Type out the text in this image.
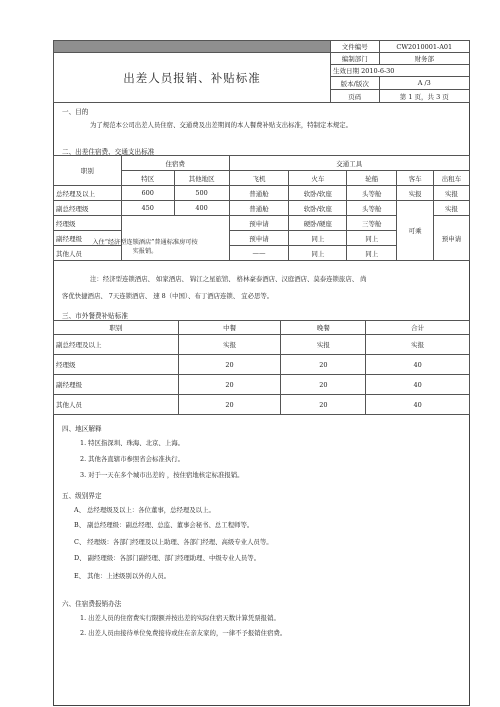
	文件编号	CW2010001-A01
出差人员报销、补贴标准	编制部门	财务部
	生效日期 2010-6-30	
	版本/版次	A /3
	页码	第 1 页，共 3 页
一、目的
为了规范本公司出差人员住宿、交通费及出差期间的本人餐费补贴支出标准，特制定本规定。
二、出差住宿费、交通支出标准
职别	住宿费		交通工具				
	特区	其他地区	飞机	火车	轮船	客车	出租车
总经理及以上	600	500	普通舱	软卧/软座	头等舱	实报	实报
副总经理级	450	400	普通舱	软卧/软座	头等舱	可乘	实报
经理级			预申请	硬卧/硬座	三等舱		预申请
副经理级			预申请	同上	同上		
其他人员			——	同上	同上		
入住“经济型连锁酒店”普通标准房可按实报销。
注：经济型连锁酒店、 如家酒店、 锦江之星旅馆、 格林豪泰酒店、汉庭酒店、莫泰连锁旅店、 尚
客优快捷酒店、 7天连锁酒店、 速 8（中国）、布丁酒店连锁、 宜必思等。
三、市外餐费补贴标准
职别	中餐	晚餐	合计
副总经理及以上	实报	实报	实报
经理级	20	20	40
副经理级	20	20	40
其他人员	20	20	40
四、地区解释
1. 特区指深圳、珠海、北京、上海。
2. 其他各直辖市参照省会标准执行。
3. 对于一天在多个城市出差的 ，按住宿地核定标准报销。
五、级别界定
A、 总经理级及以上：各位董事，总经理及以上。
B、 副总经理级：副总经理、总监、董事会秘书、总工程师等。
C、 经理级：各部门经理及以上助理、各部门经理、高级专业人员等。
D、 副经理级：各部门副经理、部门经理助理、中级专业人员等。
E、 其他：上述级别以外的人员。
六、住宿费报销办法
1. 出差人员的住宿费实行限额并按出差的实际住宿天数计算凭票报销。
2. 出差人员由接待单位免费接待或住在亲友家的，一律不予报销住宿费。
